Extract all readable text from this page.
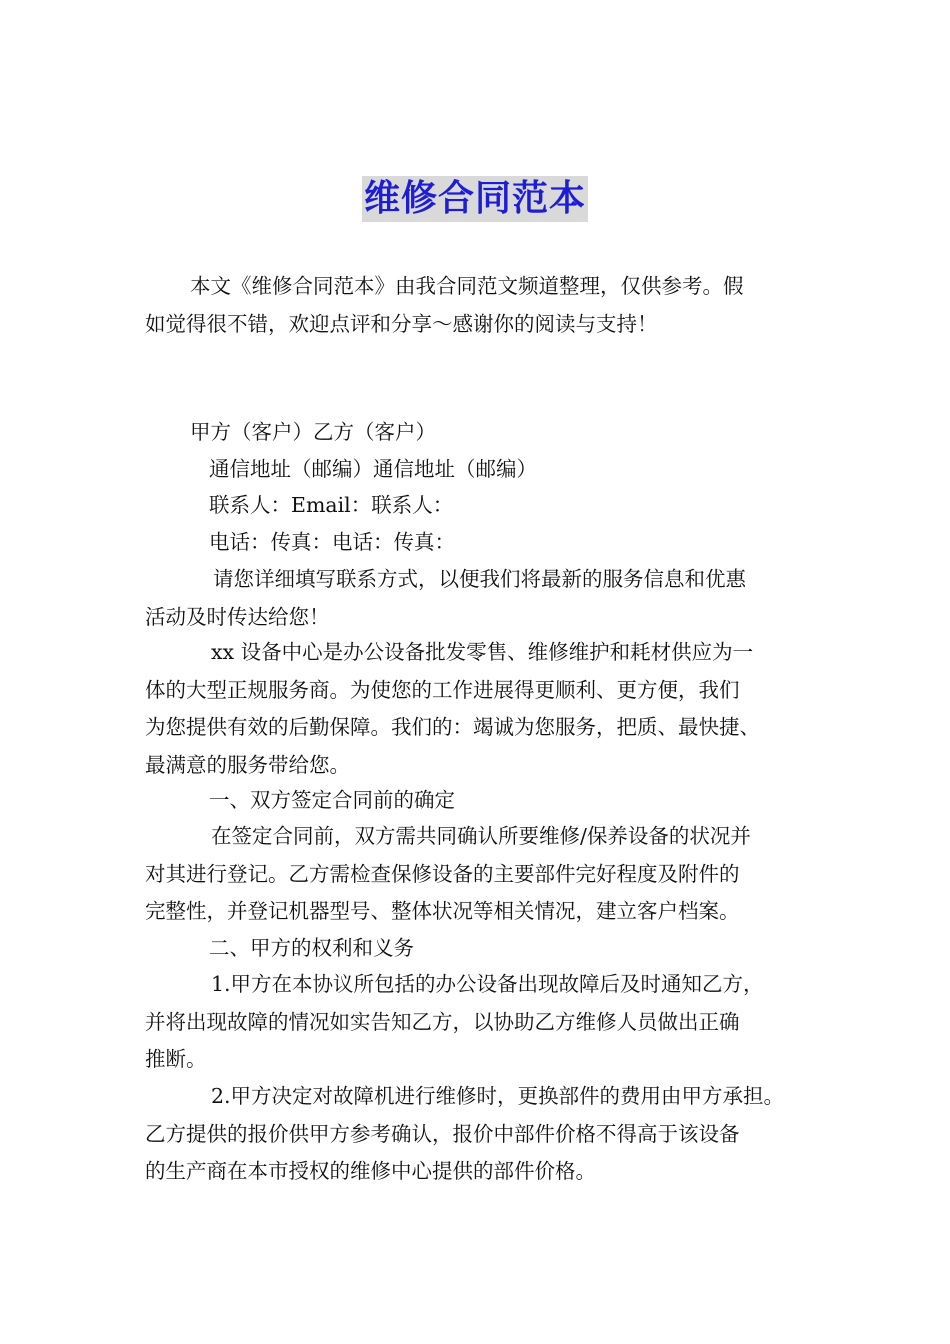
维修合同范本

本文《维修合同范本》由我合同范文频道整理，仅供参考。假
如觉得很不错，欢迎点评和分享～感谢你的阅读与支持！

甲方（客户）乙方（客户）

通信地址（邮编）通信地址（邮编）

联系人：Email：联系人：

电话：传真：电话：传真：

请您详细填写联系方式，以便我们将最新的服务信息和优惠
活动及时传达给您！

xx 设备中心是办公设备批发零售、维修维护和耗材供应为一
体的大型正规服务商。为使您的工作进展得更顺利、更方便，我们
为您提供有效的后勤保障。我们的：竭诚为您服务，把质、最快捷、
最满意的服务带给您。

一、双方签定合同前的确定

在签定合同前，双方需共同确认所要维修/保养设备的状况并
对其进行登记。乙方需检查保修设备的主要部件完好程度及附件的
完整性，并登记机器型号、整体状况等相关情况，建立客户档案。

二、甲方的权利和义务

1.甲方在本协议所包括的办公设备出现故障后及时通知乙方，
并将出现故障的情况如实告知乙方，以协助乙方维修人员做出正确
推断。

2.甲方决定对故障机进行维修时，更换部件的费用由甲方承担。
乙方提供的报价供甲方参考确认，报价中部件价格不得高于该设备
的生产商在本市授权的维修中心提供的部件价格。
